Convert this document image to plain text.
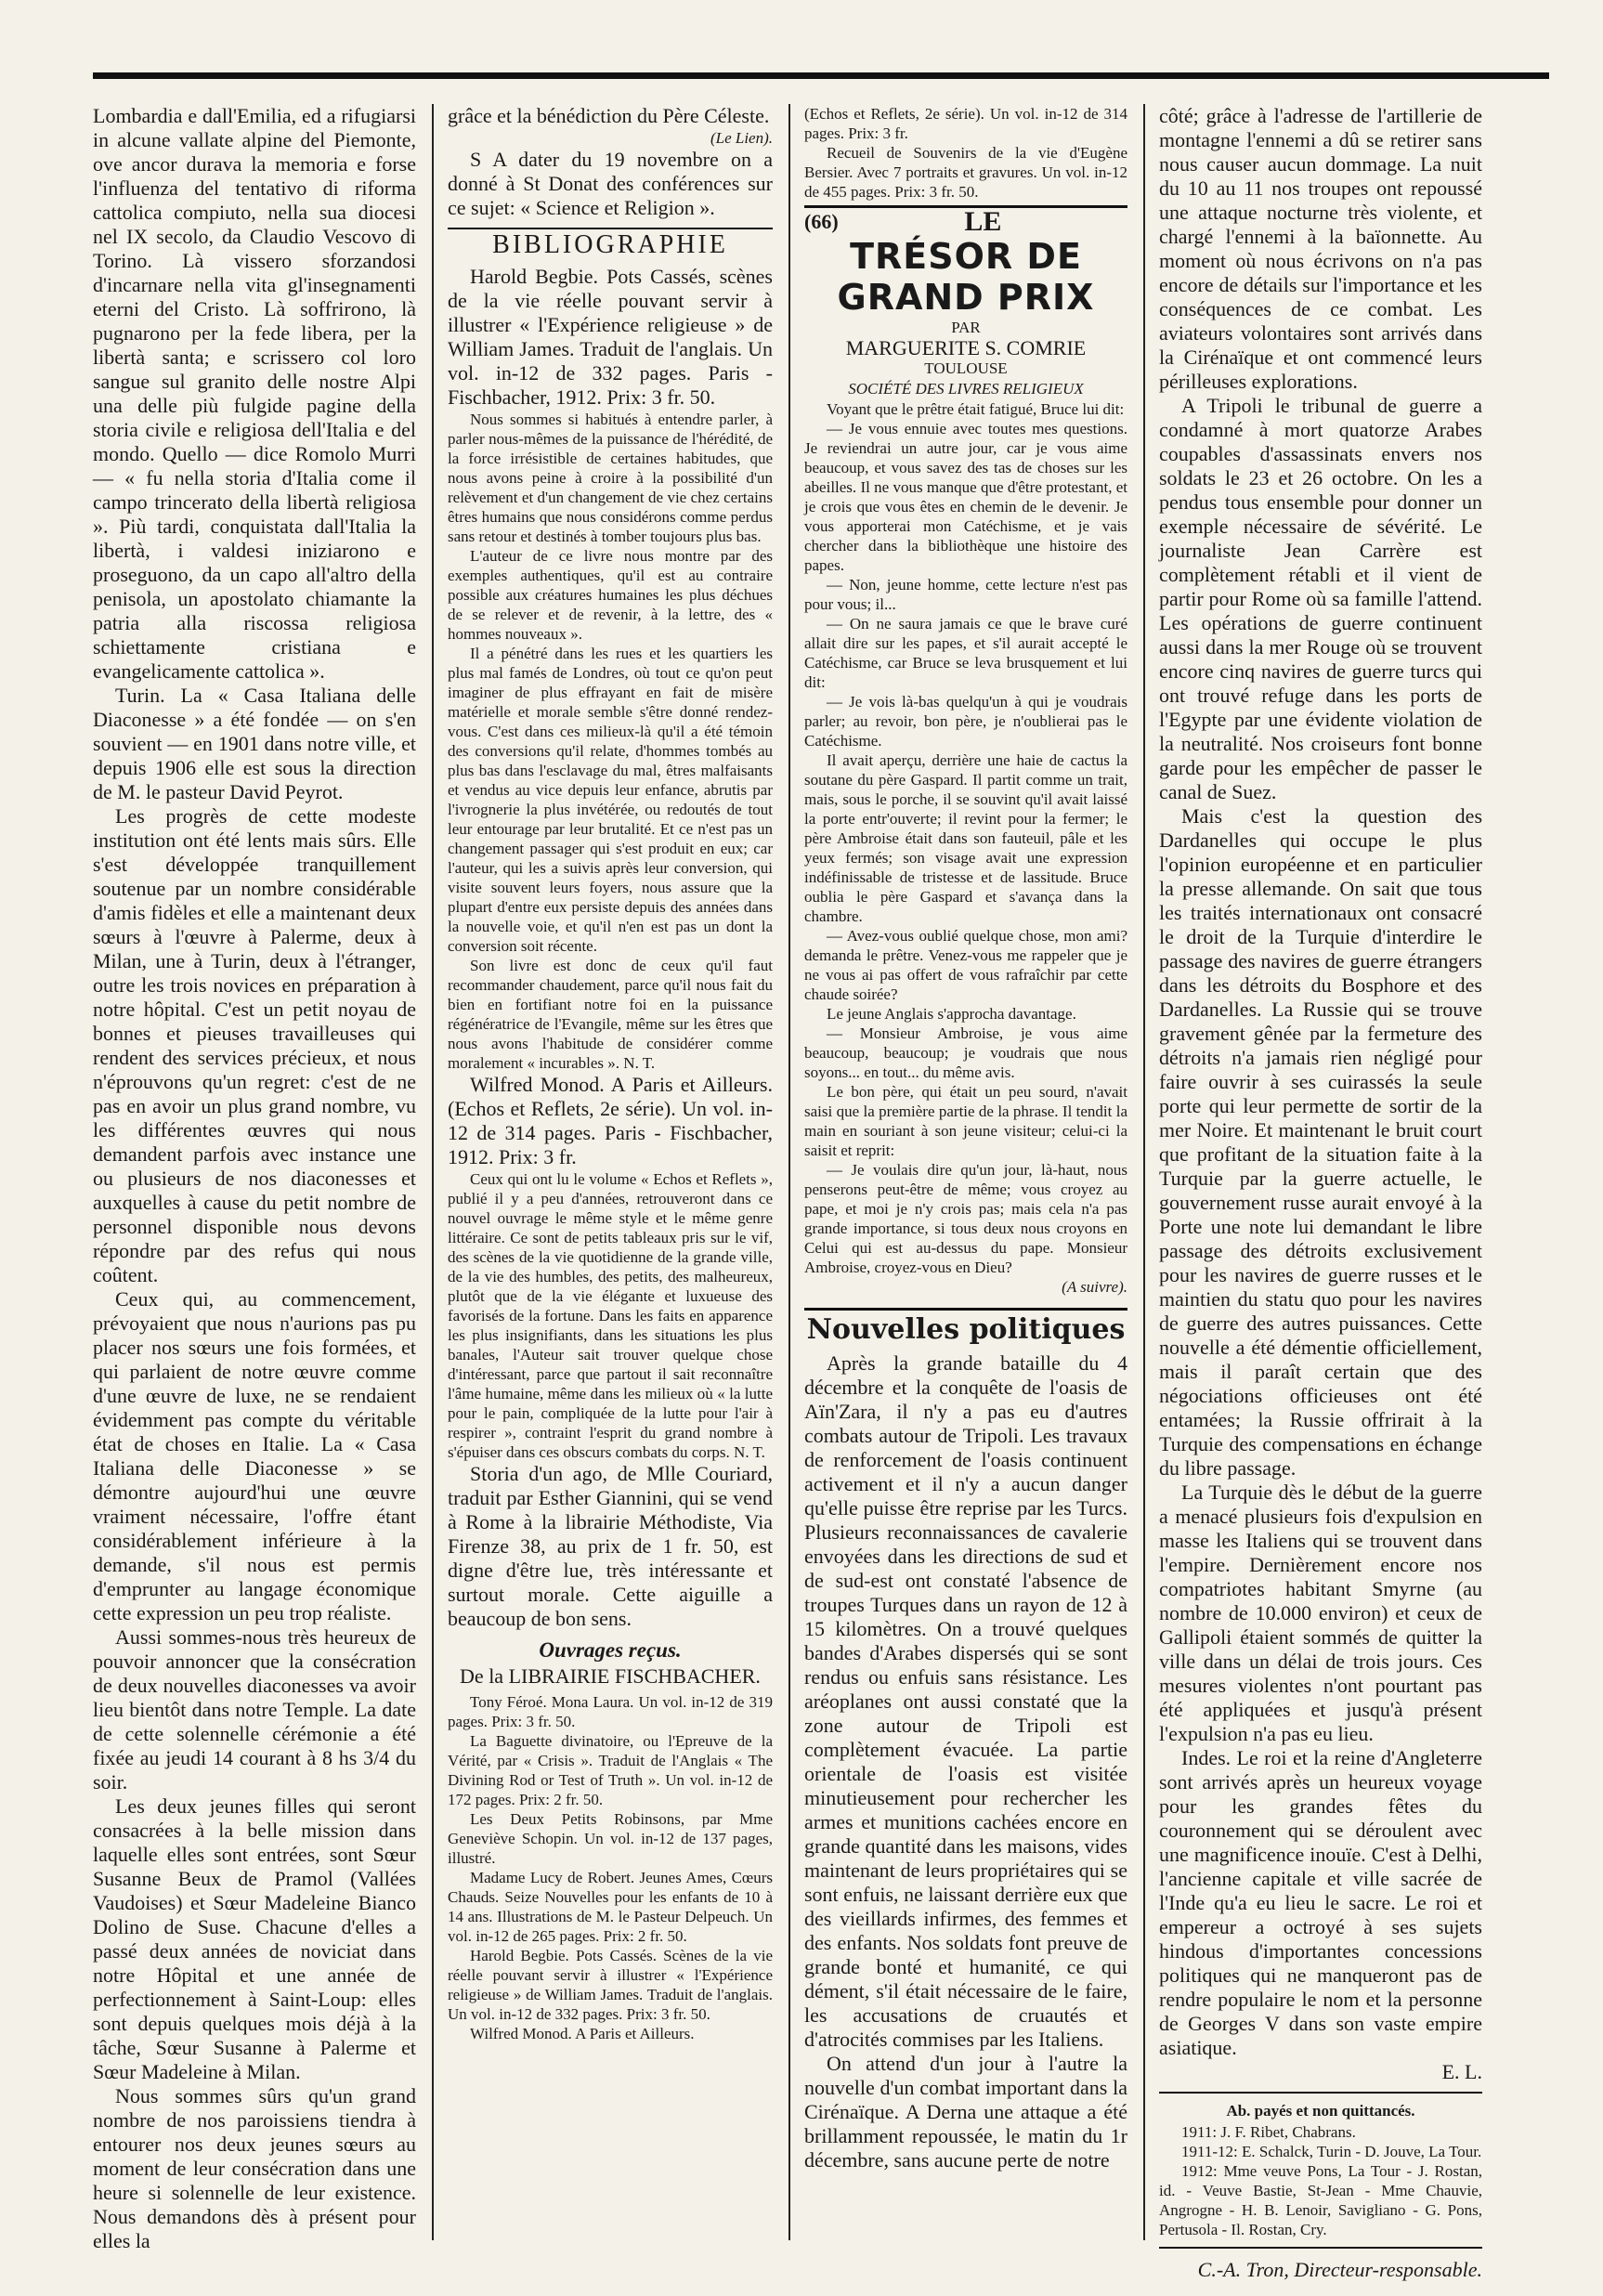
Lombardia e dall'Emilia, ed a rifugiarsi in alcune vallate alpine del Piemonte, ove ancor durava la memoria e forse l'influenza del tentativo di riforma cattolica compiuto, nella sua diocesi nel IX secolo, da Claudio Vescovo di Torino. Là vissero sforzandosi d'incarnare nella vita gl'insegnamenti eterni del Cristo. Là soffrirono, là pugnarono per la fede libera, per la libertà santa; e scrissero col loro sangue sul granito delle nostre Alpi una delle più fulgide pagine della storia civile e religiosa dell'Italia e del mondo. Quello — dice Romolo Murri — « fu nella storia d'Italia come il campo trincerato della libertà religiosa ». Più tardi, conquistata dall'Italia la libertà, i valdesi iniziarono e proseguono, da un capo all'altro della penisola, un apostolato chiamante la patria alla riscossa religiosa schiettamente cristiana e evangelicamente cattolica ».

Turin. La « Casa Italiana delle Diaconesse » a été fondée — on s'en souvient — en 1901 dans notre ville, et depuis 1906 elle est sous la direction de M. le pasteur David Peyrot.

Les progrès de cette modeste institution ont été lents mais sûrs. Elle s'est développée tranquillement soutenue par un nombre considérable d'amis fidèles et elle a maintenant deux sœurs à l'œuvre à Palerme, deux à Milan, une à Turin, deux à l'étranger, outre les trois novices en préparation à notre hôpital. C'est un petit noyau de bonnes et pieuses travailleuses qui rendent des services précieux, et nous n'éprouvons qu'un regret: c'est de ne pas en avoir un plus grand nombre, vu les différentes œuvres qui nous demandent parfois avec instance une ou plusieurs de nos diaconesses et auxquelles à cause du petit nombre de personnel disponible nous devons répondre par des refus qui nous coûtent.

Ceux qui, au commencement, prévoyaient que nous n'aurions pas pu placer nos sœurs une fois formées, et qui parlaient de notre œuvre comme d'une œuvre de luxe, ne se rendaient évidemment pas compte du véritable état de choses en Italie. La « Casa Italiana delle Diaconesse » se démontre aujourd'hui une œuvre vraiment nécessaire, l'offre étant considérablement inférieure à la demande, s'il nous est permis d'emprunter au langage économique cette expression un peu trop réaliste.

Aussi sommes-nous très heureux de pouvoir annoncer que la consécration de deux nouvelles diaconesses va avoir lieu bientôt dans notre Temple. La date de cette solennelle cérémonie a été fixée au jeudi 14 courant à 8 hs 3/4 du soir.

Les deux jeunes filles qui seront consacrées à la belle mission dans laquelle elles sont entrées, sont Sœur Susanne Beux de Pramol (Vallées Vaudoises) et Sœur Madeleine Bianco Dolino de Suse. Chacune d'elles a passé deux années de noviciat dans notre Hôpital et une année de perfectionnement à Saint-Loup: elles sont depuis quelques mois déjà à la tâche, Sœur Susanne à Palerme et Sœur Madeleine à Milan.

Nous sommes sûrs qu'un grand nombre de nos paroissiens tiendra à entourer nos deux jeunes sœurs au moment de leur consécration dans une heure si solennelle de leur existence. Nous demandons dès à présent pour elles la

grâce et la bénédiction du Père Céleste.

(Le Lien).

S A dater du 19 novembre on a donné à St Donat des conférences sur ce sujet: « Science et Religion ».

BIBLIOGRAPHIE

Harold Begbie. Pots Cassés, scènes de la vie réelle pouvant servir à illustrer « l'Expérience religieuse » de William James. Traduit de l'anglais. Un vol. in-12 de 332 pages. Paris - Fischbacher, 1912. Prix: 3 fr. 50.

Nous sommes si habitués à entendre parler, à parler nous-mêmes de la puissance de l'hérédité, de la force irrésistible de certaines habitudes, que nous avons peine à croire à la possibilité d'un relèvement et d'un changement de vie chez certains êtres humains que nous considérons comme perdus sans retour et destinés à tomber toujours plus bas.

L'auteur de ce livre nous montre par des exemples authentiques, qu'il est au contraire possible aux créatures humaines les plus déchues de se relever et de revenir, à la lettre, des « hommes nouveaux ».

Il a pénétré dans les rues et les quartiers les plus mal famés de Londres, où tout ce qu'on peut imaginer de plus effrayant en fait de misère matérielle et morale semble s'être donné rendez-vous. C'est dans ces milieux-là qu'il a été témoin des conversions qu'il relate, d'hommes tombés au plus bas dans l'esclavage du mal, êtres malfaisants et vendus au vice depuis leur enfance, abrutis par l'ivrognerie la plus invétérée, ou redoutés de tout leur entourage par leur brutalité. Et ce n'est pas un changement passager qui s'est produit en eux; car l'auteur, qui les a suivis après leur conversion, qui visite souvent leurs foyers, nous assure que la plupart d'entre eux persiste depuis des années dans la nouvelle voie, et qu'il n'en est pas un dont la conversion soit récente.

Son livre est donc de ceux qu'il faut recommander chaudement, parce qu'il nous fait du bien en fortifiant notre foi en la puissance régénératrice de l'Evangile, même sur les êtres que nous avons l'habitude de considérer comme moralement « incurables ». N. T.

Wilfred Monod. A Paris et Ailleurs. (Echos et Reflets, 2e série). Un vol. in-12 de 314 pages. Paris - Fischbacher, 1912. Prix: 3 fr.

Ceux qui ont lu le volume « Echos et Reflets », publié il y a peu d'années, retrouveront dans ce nouvel ouvrage le même style et le même genre littéraire. Ce sont de petits tableaux pris sur le vif, des scènes de la vie quotidienne de la grande ville, de la vie des humbles, des petits, des malheureux, plutôt que de la vie élégante et luxueuse des favorisés de la fortune. Dans les faits en apparence les plus insignifiants, dans les situations les plus banales, l'Auteur sait trouver quelque chose d'intéressant, parce que partout il sait reconnaître l'âme humaine, même dans les milieux où « la lutte pour le pain, compliquée de la lutte pour l'air à respirer », contraint l'esprit du grand nombre à s'épuiser dans ces obscurs combats du corps. N. T.

Storia d'un ago, de Mlle Couriard, traduit par Esther Giannini, qui se vend à Rome à la librairie Méthodiste, Via Firenze 38, au prix de 1 fr. 50, est digne d'être lue, très intéressante et surtout morale. Cette aiguille a beaucoup de bon sens.

Ouvrages reçus.
De la LIBRAIRIE FISCHBACHER.

Tony Féroé. Mona Laura. Un vol. in-12 de 319 pages. Prix: 3 fr. 50.

La Baguette divinatoire, ou l'Epreuve de la Vérité, par « Crisis ». Traduit de l'Anglais « The Divining Rod or Test of Truth ». Un vol. in-12 de 172 pages. Prix: 2 fr. 50.

Les Deux Petits Robinsons, par Mme Geneviève Schopin. Un vol. in-12 de 137 pages, illustré.

Madame Lucy de Robert. Jeunes Ames, Cœurs Chauds. Seize Nouvelles pour les enfants de 10 à 14 ans. Illustrations de M. le Pasteur Delpeuch. Un vol. in-12 de 265 pages. Prix: 2 fr. 50.

Harold Begbie. Pots Cassés. Scènes de la vie réelle pouvant servir à illustrer « l'Expérience religieuse » de William James. Traduit de l'anglais. Un vol. in-12 de 332 pages. Prix: 3 fr. 50.

Wilfred Monod. A Paris et Ailleurs.

(Echos et Reflets, 2e série). Un vol. in-12 de 314 pages. Prix: 3 fr.

Recueil de Souvenirs de la vie d'Eugène Bersier. Avec 7 portraits et gravures. Un vol. in-12 de 455 pages. Prix: 3 fr. 50.

(66)	LE
TRÉSOR DE GRAND PRIX
PAR
MARGUERITE S. COMRIE
TOULOUSE
SOCIÉTÉ DES LIVRES RELIGIEUX

Voyant que le prêtre était fatigué, Bruce lui dit:

— Je vous ennuie avec toutes mes questions. Je reviendrai un autre jour, car je vous aime beaucoup, et vous savez des tas de choses sur les abeilles. Il ne vous manque que d'être protestant, et je crois que vous êtes en chemin de le devenir. Je vous apporterai mon Catéchisme, et je vais chercher dans la bibliothèque une histoire des papes.

— Non, jeune homme, cette lecture n'est pas pour vous; il...

— On ne saura jamais ce que le brave curé allait dire sur les papes, et s'il aurait accepté le Catéchisme, car Bruce se leva brusquement et lui dit:

— Je vois là-bas quelqu'un à qui je voudrais parler; au revoir, bon père, je n'oublierai pas le Catéchisme.

Il avait aperçu, derrière une haie de cactus la soutane du père Gaspard. Il partit comme un trait, mais, sous le porche, il se souvint qu'il avait laissé la porte entr'ouverte; il revint pour la fermer; le père Ambroise était dans son fauteuil, pâle et les yeux fermés; son visage avait une expression indéfinissable de tristesse et de lassitude. Bruce oublia le père Gaspard et s'avança dans la chambre.

— Avez-vous oublié quelque chose, mon ami? demanda le prêtre. Venez-vous me rappeler que je ne vous ai pas offert de vous rafraîchir par cette chaude soirée?

Le jeune Anglais s'approcha davantage.

— Monsieur Ambroise, je vous aime beaucoup, beaucoup; je voudrais que nous soyons... en tout... du même avis.

Le bon père, qui était un peu sourd, n'avait saisi que la première partie de la phrase. Il tendit la main en souriant à son jeune visiteur; celui-ci la saisit et reprit:

— Je voulais dire qu'un jour, là-haut, nous penserons peut-être de même; vous croyez au pape, et moi je n'y crois pas; mais cela n'a pas grande importance, si tous deux nous croyons en Celui qui est au-dessus du pape. Monsieur Ambroise, croyez-vous en Dieu?

(A suivre).
Nouvelles politiques

Après la grande bataille du 4 décembre et la conquête de l'oasis de Aïn'Zara, il n'y a pas eu d'autres combats autour de Tripoli. Les travaux de renforcement de l'oasis continuent activement et il n'y a aucun danger qu'elle puisse être reprise par les Turcs. Plusieurs reconnaissances de cavalerie envoyées dans les directions de sud et de sud-est ont constaté l'absence de troupes Turques dans un rayon de 12 à 15 kilomètres. On a trouvé quelques bandes d'Arabes dispersés qui se sont rendus ou enfuis sans résistance. Les aréoplanes ont aussi constaté que la zone autour de Tripoli est complètement évacuée. La partie orientale de l'oasis est visitée minutieusement pour rechercher les armes et munitions cachées encore en grande quantité dans les maisons, vides maintenant de leurs propriétaires qui se sont enfuis, ne laissant derrière eux que des vieillards infirmes, des femmes et des enfants. Nos soldats font preuve de grande bonté et humanité, ce qui dément, s'il était nécessaire de le faire, les accusations de cruautés et d'atrocités commises par les Italiens.

On attend d'un jour à l'autre la nouvelle d'un combat important dans la Cirénaïque. A Derna une attaque a été brillamment repoussée, le matin du 1r décembre, sans aucune perte de notre

côté; grâce à l'adresse de l'artillerie de montagne l'ennemi a dû se retirer sans nous causer aucun dommage. La nuit du 10 au 11 nos troupes ont repoussé une attaque nocturne très violente, et chargé l'ennemi à la baïonnette. Au moment où nous écrivons on n'a pas encore de détails sur l'importance et les conséquences de ce combat. Les aviateurs volontaires sont arrivés dans la Cirénaïque et ont commencé leurs périlleuses explorations.

A Tripoli le tribunal de guerre a condamné à mort quatorze Arabes coupables d'assassinats envers nos soldats le 23 et 26 octobre. On les a pendus tous ensemble pour donner un exemple nécessaire de sévérité. Le journaliste Jean Carrère est complètement rétabli et il vient de partir pour Rome où sa famille l'attend. Les opérations de guerre continuent aussi dans la mer Rouge où se trouvent encore cinq navires de guerre turcs qui ont trouvé refuge dans les ports de l'Egypte par une évidente violation de la neutralité. Nos croiseurs font bonne garde pour les empêcher de passer le canal de Suez.

Mais c'est la question des Dardanelles qui occupe le plus l'opinion européenne et en particulier la presse allemande. On sait que tous les traités internationaux ont consacré le droit de la Turquie d'interdire le passage des navires de guerre étrangers dans les détroits du Bosphore et des Dardanelles. La Russie qui se trouve gravement gênée par la fermeture des détroits n'a jamais rien négligé pour faire ouvrir à ses cuirassés la seule porte qui leur permette de sortir de la mer Noire. Et maintenant le bruit court que profitant de la situation faite à la Turquie par la guerre actuelle, le gouvernement russe aurait envoyé à la Porte une note lui demandant le libre passage des détroits exclusivement pour les navires de guerre russes et le maintien du statu quo pour les navires de guerre des autres puissances. Cette nouvelle a été démentie officiellement, mais il paraît certain que des négociations officieuses ont été entamées; la Russie offrirait à la Turquie des compensations en échange du libre passage.

La Turquie dès le début de la guerre a menacé plusieurs fois d'expulsion en masse les Italiens qui se trouvent dans l'empire. Dernièrement encore nos compatriotes habitant Smyrne (au nombre de 10.000 environ) et ceux de Gallipoli étaient sommés de quitter la ville dans un délai de trois jours. Ces mesures violentes n'ont pourtant pas été appliquées et jusqu'à présent l'expulsion n'a pas eu lieu.

Indes. Le roi et la reine d'Angleterre sont arrivés après un heureux voyage pour les grandes fêtes du couronnement qui se déroulent avec une magnificence inouïe. C'est à Delhi, l'ancienne capitale et ville sacrée de l'Inde qu'a eu lieu le sacre. Le roi et empereur a octroyé à ses sujets hindous d'importantes concessions politiques qui ne manqueront pas de rendre populaire le nom et la personne de Georges V dans son vaste empire asiatique.

E. L.
Ab. payés et non quittancés.

1911: J. F. Ribet, Chabrans.

1911-12: E. Schalck, Turin - D. Jouve, La Tour.

1912: Mme veuve Pons, La Tour - J. Rostan, id. - Veuve Bastie, St-Jean - Mme Chauvie, Angrogne - H. B. Lenoir, Savigliano - G. Pons, Pertusola - Il. Rostan, Cry.

C.-A. Tron, Directeur-responsable.
